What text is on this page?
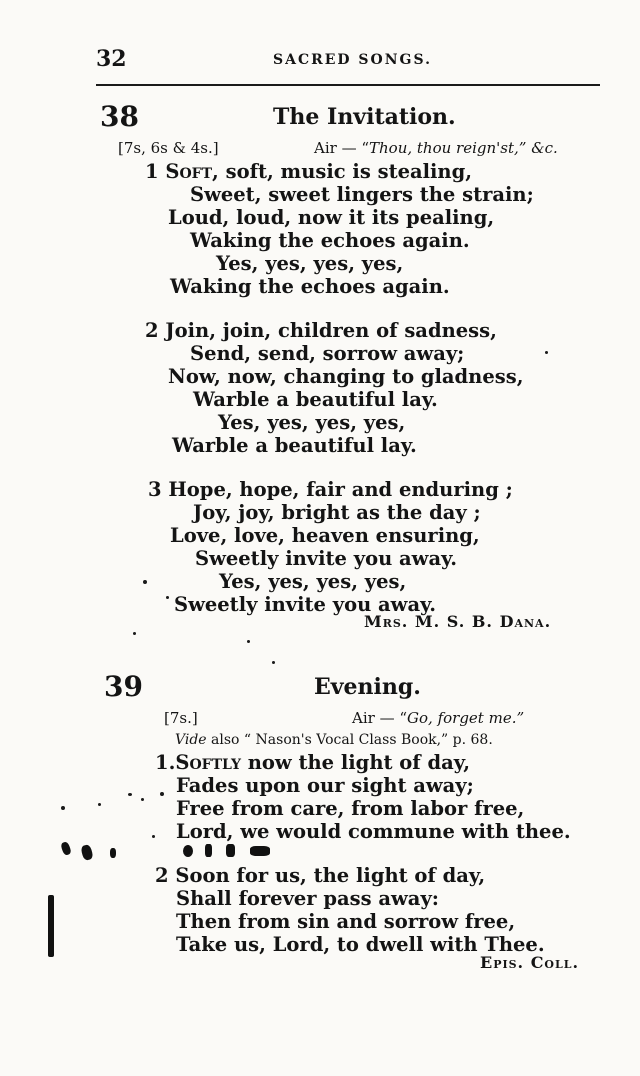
32	SACRED SONGS.
38	The Invitation.
[7s, 6s & 4s.]	Air — “Thou, thou reign'st,” &c.
1 Soft, soft, music is stealing,
Sweet, sweet lingers the strain;
Loud, loud, now it its pealing,
Waking the echoes again.
Yes, yes, yes, yes,
Waking the echoes again.
2 Join, join, children of sadness,
Send, send, sorrow away;
Now, now, changing to gladness,
Warble a beautiful lay.
Yes, yes, yes, yes,
Warble a beautiful lay.
3 Hope, hope, fair and enduring ;
Joy, joy, bright as the day ;
Love, love, heaven ensuring,
Sweetly invite you away.
Yes, yes, yes, yes,
Sweetly invite you away.
Mrs. M. S. B. Dana.
39	Evening.
[7s.]	Air — “Go, forget me.”
Vide also “ Nason's Vocal Class Book,” p. 68.
1.Softly now the light of day,
Fades upon our sight away;
Free from care, from labor free,
Lord, we would commune with thee.
2 Soon for us, the light of day,
Shall forever pass away:
Then from sin and sorrow free,
Take us, Lord, to dwell with Thee.
Epis. Coll.
